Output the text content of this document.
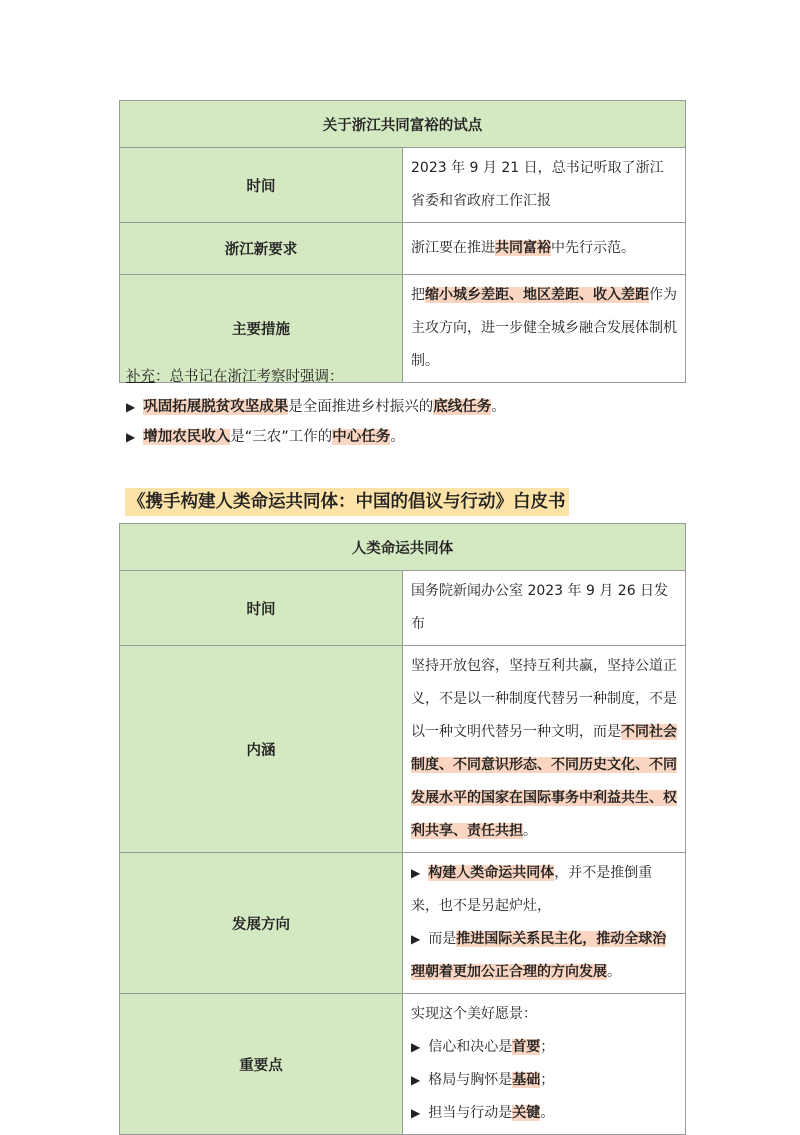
关于浙江共同富裕的试点	
时间	2023 年 9 月 21 日，总书记听取了浙江省委和省政府工作汇报
浙江新要求	浙江要在推进共同富裕中先行示范。
主要措施	把缩小城乡差距、地区差距、收入差距作为主攻方向，进一步健全城乡融合发展体制机制。
补充：总书记在浙江考察时强调：
▶ 巩固拓展脱贫攻坚成果是全面推进乡村振兴的底线任务。
▶ 增加农民收入是“三农”工作的中心任务。
《携手构建人类命运共同体：中国的倡议与行动》白皮书
人类命运共同体	
时间	国务院新闻办公室 2023 年 9 月 26 日发布
内涵	坚持开放包容，坚持互利共赢，坚持公道正义，不是以一种制度代替另一种制度，不是以一种文明代替另一种文明，而是不同社会制度、不同意识形态、不同历史文化、不同发展水平的国家在国际事务中利益共生、权利共享、责任共担。
发展方向	▶ 构建人类命运共同体，并不是推倒重来，也不是另起炉灶，
▶ 而是推进国际关系民主化，推动全球治理朝着更加公正合理的方向发展。

重要点	实现这个美好愿景：
▶ 信心和决心是首要；
▶ 格局与胸怀是基础；
▶ 担当与行动是关键。
